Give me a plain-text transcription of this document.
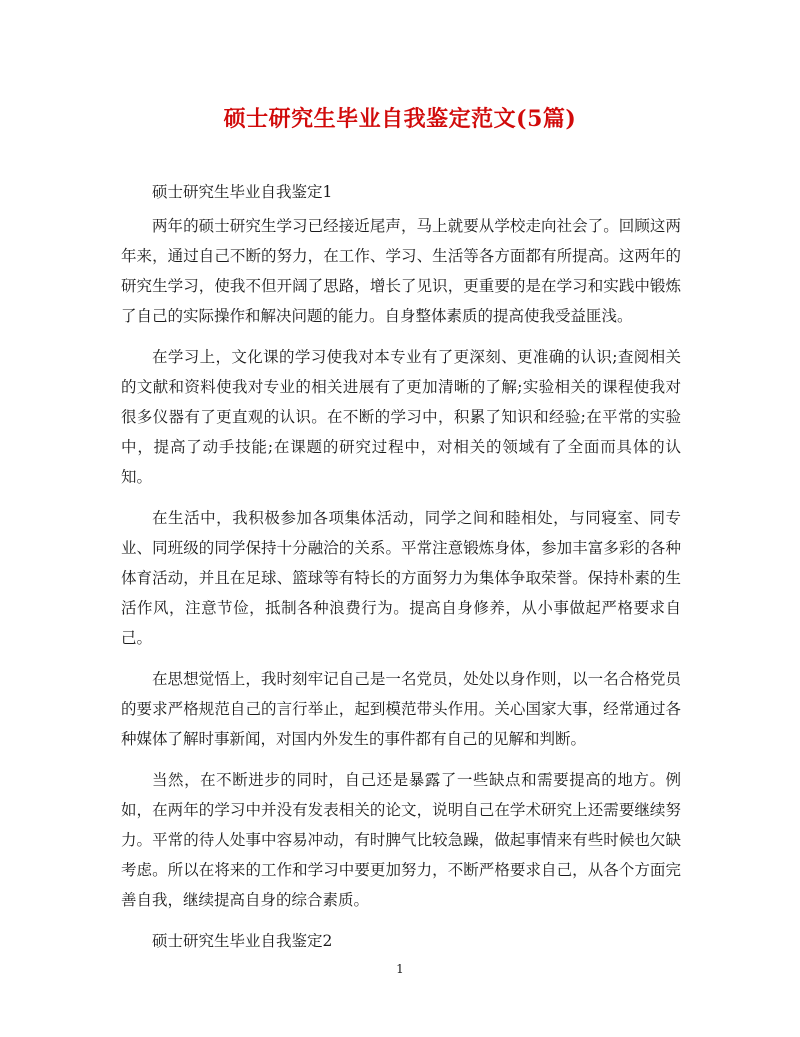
硕士研究生毕业自我鉴定范文(5篇)

硕士研究生毕业自我鉴定1

两年的硕士研究生学习已经接近尾声，马上就要从学校走向社会了。回顾这两年来，通过自己不断的努力，在工作、学习、生活等各方面都有所提高。这两年的研究生学习，使我不但开阔了思路，增长了见识，更重要的是在学习和实践中锻炼了自己的实际操作和解决问题的能力。自身整体素质的提高使我受益匪浅。

在学习上，文化课的学习使我对本专业有了更深刻、更准确的认识;查阅相关的文献和资料使我对专业的相关进展有了更加清晰的了解;实验相关的课程使我对很多仪器有了更直观的认识。在不断的学习中，积累了知识和经验;在平常的实验中，提高了动手技能;在课题的研究过程中，对相关的领域有了全面而具体的认知。

在生活中，我积极参加各项集体活动，同学之间和睦相处，与同寝室、同专业、同班级的同学保持十分融洽的关系。平常注意锻炼身体，参加丰富多彩的各种体育活动，并且在足球、篮球等有特长的方面努力为集体争取荣誉。保持朴素的生活作风，注意节俭，抵制各种浪费行为。提高自身修养，从小事做起严格要求自己。

在思想觉悟上，我时刻牢记自己是一名党员，处处以身作则，以一名合格党员的要求严格规范自己的言行举止，起到模范带头作用。关心国家大事，经常通过各种媒体了解时事新闻，对国内外发生的事件都有自己的见解和判断。

当然，在不断进步的同时，自己还是暴露了一些缺点和需要提高的地方。例如，在两年的学习中并没有发表相关的论文，说明自己在学术研究上还需要继续努力。平常的待人处事中容易冲动，有时脾气比较急躁，做起事情来有些时候也欠缺考虑。所以在将来的工作和学习中要更加努力，不断严格要求自己，从各个方面完善自我，继续提高自身的综合素质。

硕士研究生毕业自我鉴定2

1
